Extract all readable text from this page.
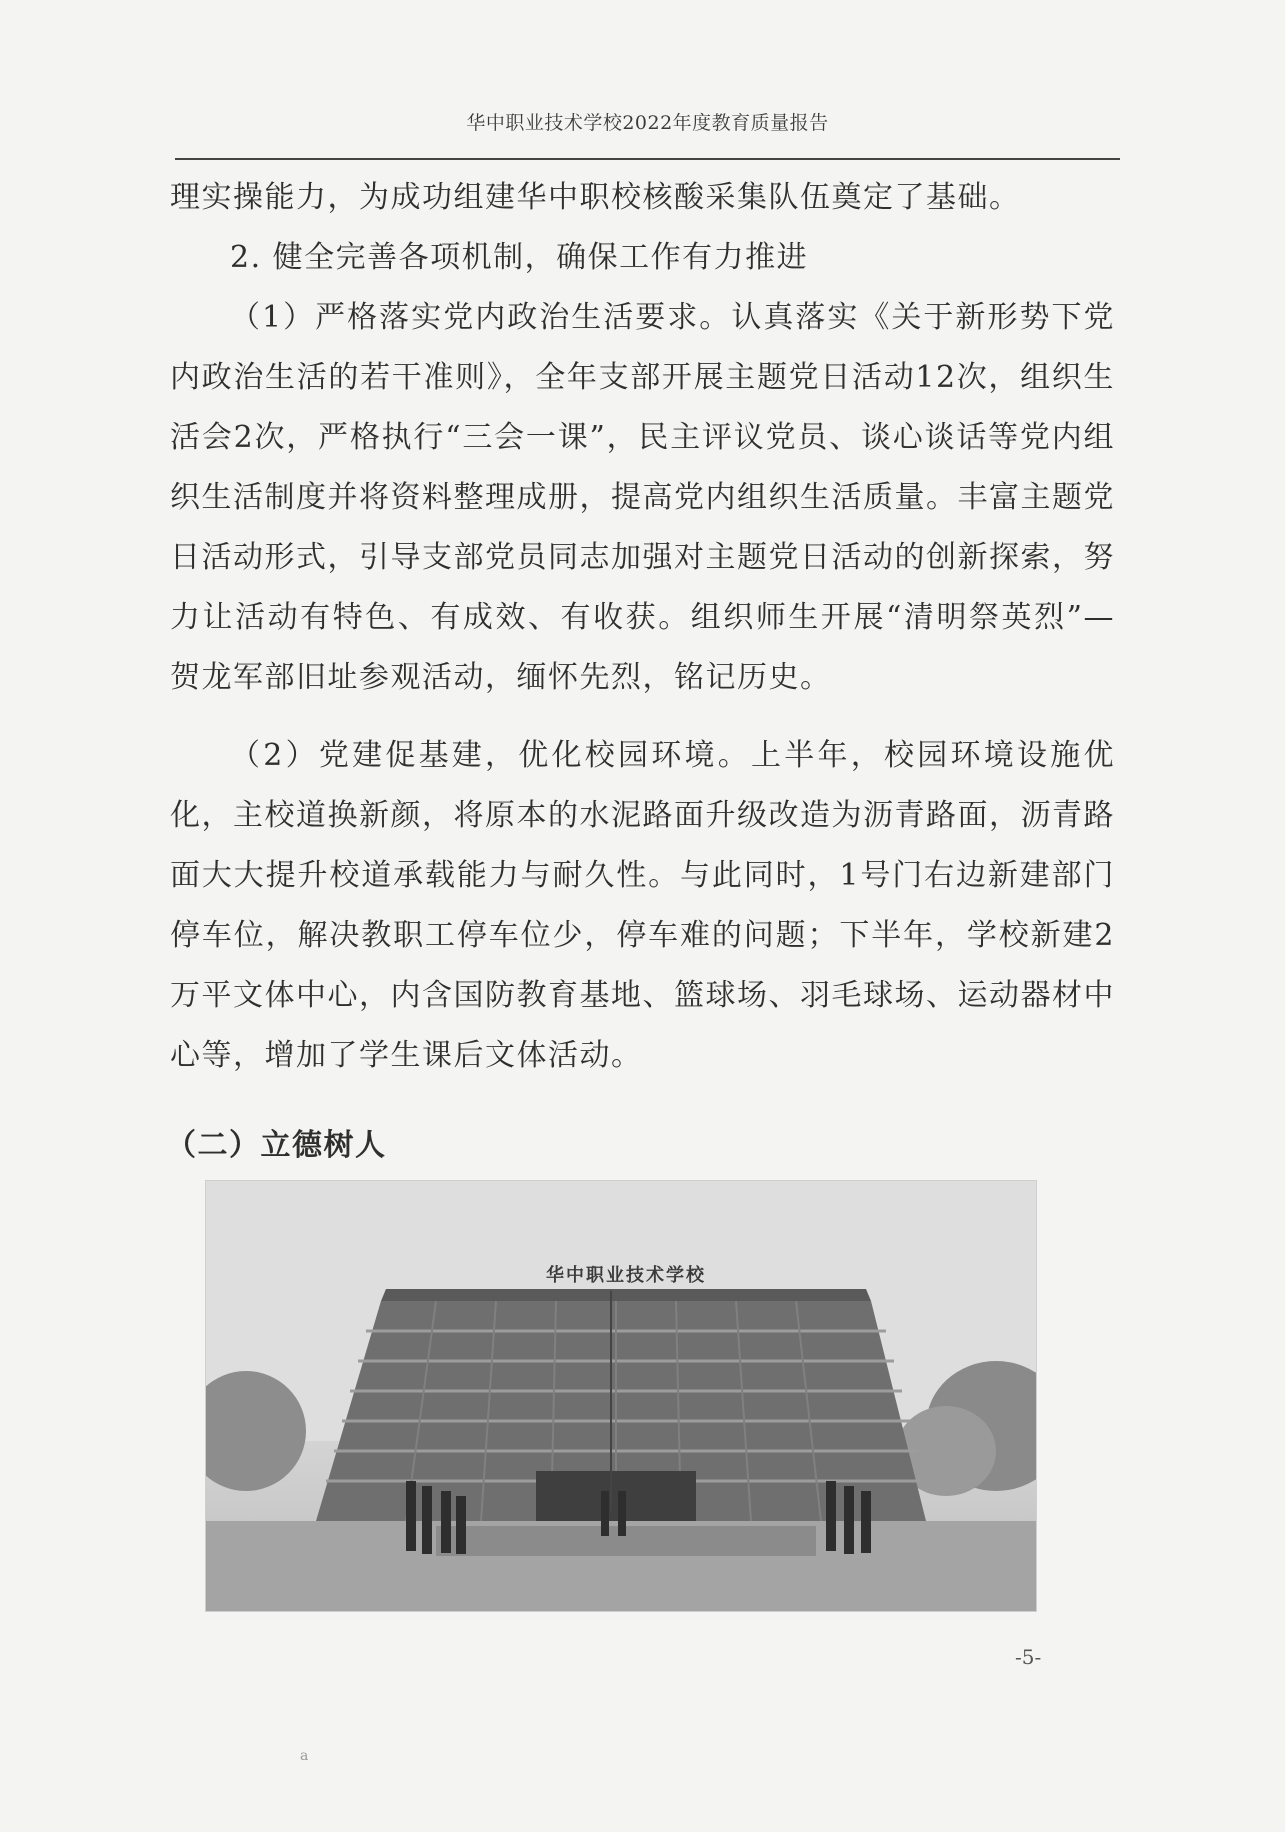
华中职业技术学校2022年度教育质量报告

理实操能力，为成功组建华中职校核酸采集队伍奠定了基础。

2. 健全完善各项机制，确保工作有力推进

（1）严格落实党内政治生活要求。认真落实《关于新形势下党内政治生活的若干准则》，全年支部开展主题党日活动12次，组织生活会2次，严格执行“三会一课”，民主评议党员、谈心谈话等党内组织生活制度并将资料整理成册，提高党内组织生活质量。丰富主题党日活动形式，引导支部党员同志加强对主题党日活动的创新探索，努力让活动有特色、有成效、有收获。组织师生开展“清明祭英烈”—贺龙军部旧址参观活动，缅怀先烈，铭记历史。

（2）党建促基建，优化校园环境。上半年，校园环境设施优化，主校道换新颜，将原本的水泥路面升级改造为沥青路面，沥青路面大大提升校道承载能力与耐久性。与此同时，1号门右边新建部门停车位，解决教职工停车位少，停车难的问题；下半年，学校新建2万平文体中心，内含国防教育基地、篮球场、羽毛球场、运动器材中心等，增加了学生课后文体活动。

（二）立德树人
华中职业技术学校
-5-
a
